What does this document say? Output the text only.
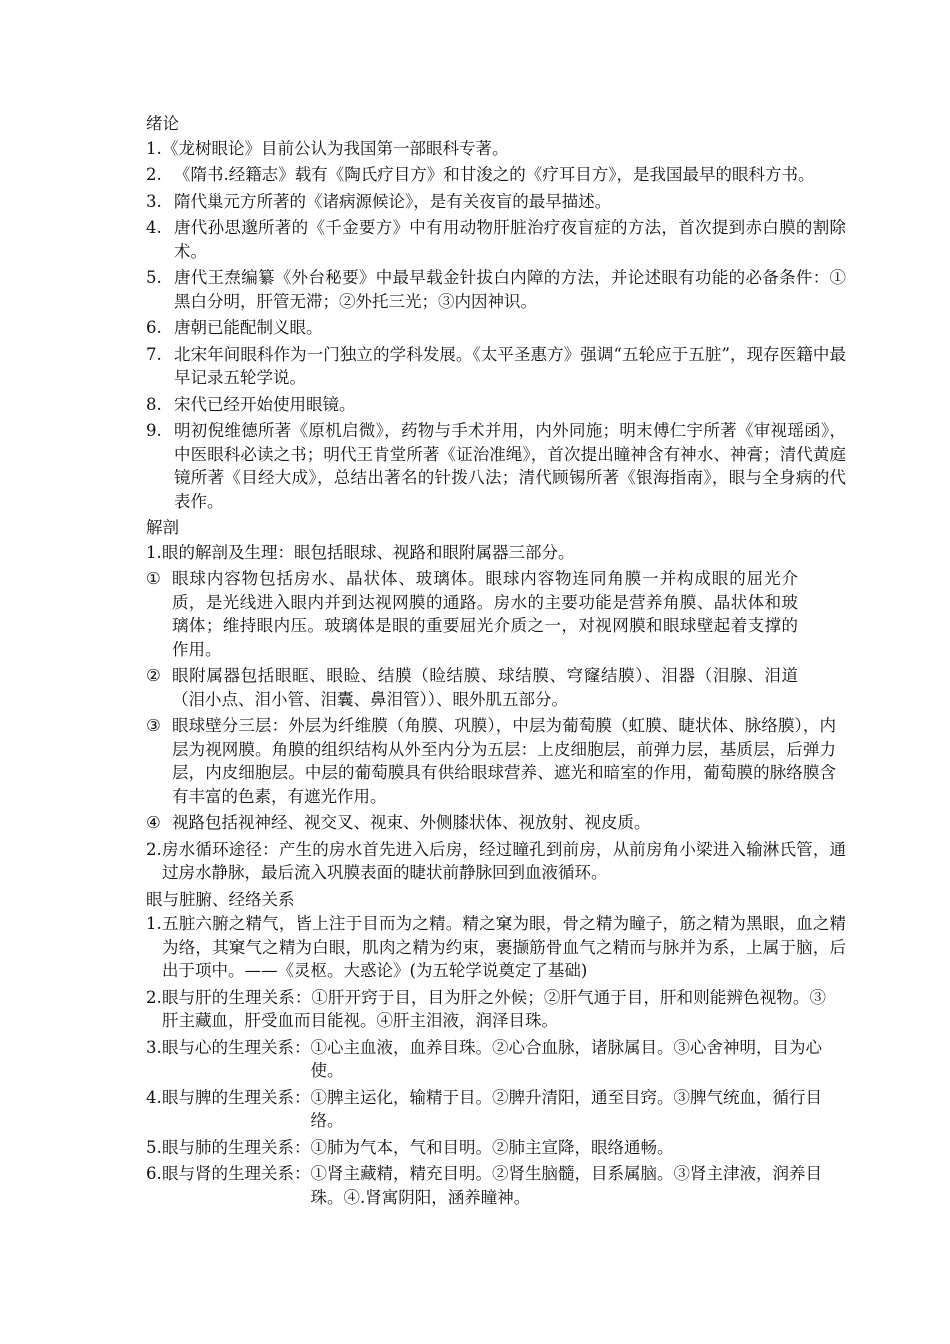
绪论
1. 《龙树眼论》目前公认为我国第一部眼科专著。
2. 《隋书.经籍志》载有《陶氏疗目方》和甘浚之的《疗耳目方》，是我国最早的眼科方书。
3. 隋代巢元方所著的《诸病源候论》，是有关夜盲的最早描述。
4. 唐代孙思邈所著的《千金要方》中有用动物肝脏治疗夜盲症的方法，首次提到赤白膜的割除术。
5. 唐代王焘编纂《外台秘要》中最早载金针拔白内障的方法，并论述眼有功能的必备条件：①黑白分明，肝管无滞；②外托三光；③内因神识。
6. 唐朝已能配制义眼。
7. 北宋年间眼科作为一门独立的学科发展。《太平圣惠方》强调“五轮应于五脏”，现存医籍中最早记录五轮学说。
8. 宋代已经开始使用眼镜。
9. 明初倪维德所著《原机启微》，药物与手术并用，内外同施；明末傅仁宇所著《审视瑶函》，中医眼科必读之书；明代王肯堂所著《证治准绳》，首次提出瞳神含有神水、神膏；清代黄庭镜所著《目经大成》，总结出著名的针拨八法；清代顾锡所著《银海指南》，眼与全身病的代表作。
解剖
1. 眼的解剖及生理：眼包括眼球、视路和眼附属器三部分。
① 眼球内容物包括房水、晶状体、玻璃体。眼球内容物连同角膜一并构成眼的屈光介质，是光线进入眼内并到达视网膜的通路。房水的主要功能是营养角膜、晶状体和玻璃体；维持眼内压。玻璃体是眼的重要屈光介质之一，对视网膜和眼球壁起着支撑的作用。
② 眼附属器包括眼眶、眼睑、结膜（睑结膜、球结膜、穹窿结膜）、泪器（泪腺、泪道（泪小点、泪小管、泪囊、鼻泪管））、眼外肌五部分。
③ 眼球壁分三层：外层为纤维膜（角膜、巩膜），中层为葡萄膜（虹膜、睫状体、脉络膜），内层为视网膜。角膜的组织结构从外至内分为五层：上皮细胞层，前弹力层，基质层，后弹力层，内皮细胞层。中层的葡萄膜具有供给眼球营养、遮光和暗室的作用，葡萄膜的脉络膜含有丰富的色素，有遮光作用。
④ 视路包括视神经、视交叉、视束、外侧膝状体、视放射、视皮质。
2. 房水循环途径：产生的房水首先进入后房，经过瞳孔到前房，从前房角小梁进入输淋氏管，通过房水静脉，最后流入巩膜表面的睫状前静脉回到血液循环。
眼与脏腑、经络关系
1. 五脏六腑之精气，皆上注于目而为之精。精之窠为眼，骨之精为瞳子，筋之精为黑眼，血之精为络，其窠气之精为白眼，肌肉之精为约束，裹撷筋骨血气之精而与脉并为系，上属于脑，后出于项中。——《灵枢。大惑论》(为五轮学说奠定了基础)
2. 眼与肝的生理关系：①肝开窍于目，目为肝之外候；②肝气通于目，肝和则能辨色视物。③肝主藏血，肝受血而目能视。④肝主泪液，润泽目珠。
3. 眼与心的生理关系： ①心主血液，血养目珠。②心合血脉，诸脉属目。③心舍神明，目为心使。
4. 眼与脾的生理关系： ①脾主运化，输精于目。②脾升清阳，通至目窍。③脾气统血，循行目络。
5. 眼与肺的生理关系： ①肺为气本，气和目明。②肺主宣降，眼络通畅。
6. 眼与肾的生理关系： ①肾主藏精，精充目明。②肾生脑髓，目系属脑。③肾主津液，润养目珠。④.肾寓阴阳，涵养瞳神。
